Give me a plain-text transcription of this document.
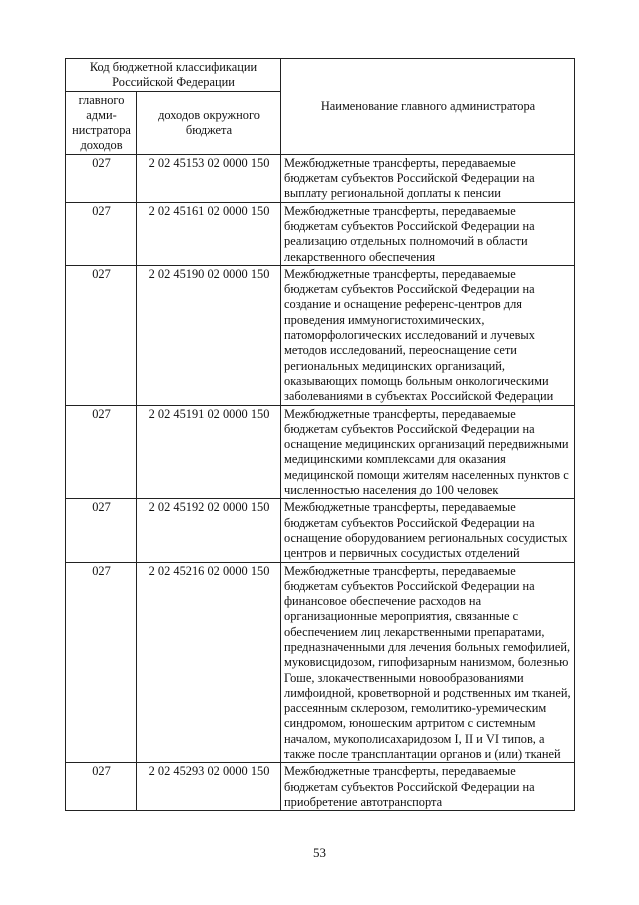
Код бюджетной классификации Российской Федерации		Наименование главного администратора
главного адми-нистратора доходов	доходов окружного бюджета	
027	2 02 45153 02 0000 150	Межбюджетные трансферты, передаваемые бюджетам субъектов Российской Федерации на выплату региональной доплаты к пенсии
027	2 02 45161 02 0000 150	Межбюджетные трансферты, передаваемые бюджетам субъектов Российской Федерации на реализацию отдельных полномочий в области лекарственного обеспечения
027	2 02 45190 02 0000 150	Межбюджетные трансферты, передаваемые бюджетам субъектов Российской Федерации на создание и оснащение референс-центров для проведения иммуногистохимических, патоморфологических исследований и лучевых методов исследований, переоснащение сети региональных медицинских организаций, оказывающих помощь больным онкологическими заболеваниями в субъектах Российской Федерации
027	2 02 45191 02 0000 150	Межбюджетные трансферты, передаваемые бюджетам субъектов Российской Федерации на оснащение медицинских организаций передвижными медицинскими комплексами для оказания медицинской помощи жителям населенных пунктов с численностью населения до 100 человек
027	2 02 45192 02 0000 150	Межбюджетные трансферты, передаваемые бюджетам субъектов Российской Федерации на оснащение оборудованием региональных сосудистых центров и первичных сосудистых отделений
027	2 02 45216 02 0000 150	Межбюджетные трансферты, передаваемые бюджетам субъектов Российской Федерации на финансовое обеспечение расходов на организационные мероприятия, связанные с обеспечением лиц лекарственными препаратами, предназначенными для лечения больных гемофилией, муковисцидозом, гипофизарным нанизмом, болезнью Гоше, злокачественными новообразованиями лимфоидной, кроветворной и родственных им тканей, рассеянным склерозом, гемолитико-уремическим синдромом, юношеским артритом с системным началом, мукополисахаридозом I, II и VI типов, а также после трансплантации органов и (или) тканей
027	2 02 45293 02 0000 150	Межбюджетные трансферты, передаваемые бюджетам субъектов Российской Федерации на приобретение автотранспорта
53
